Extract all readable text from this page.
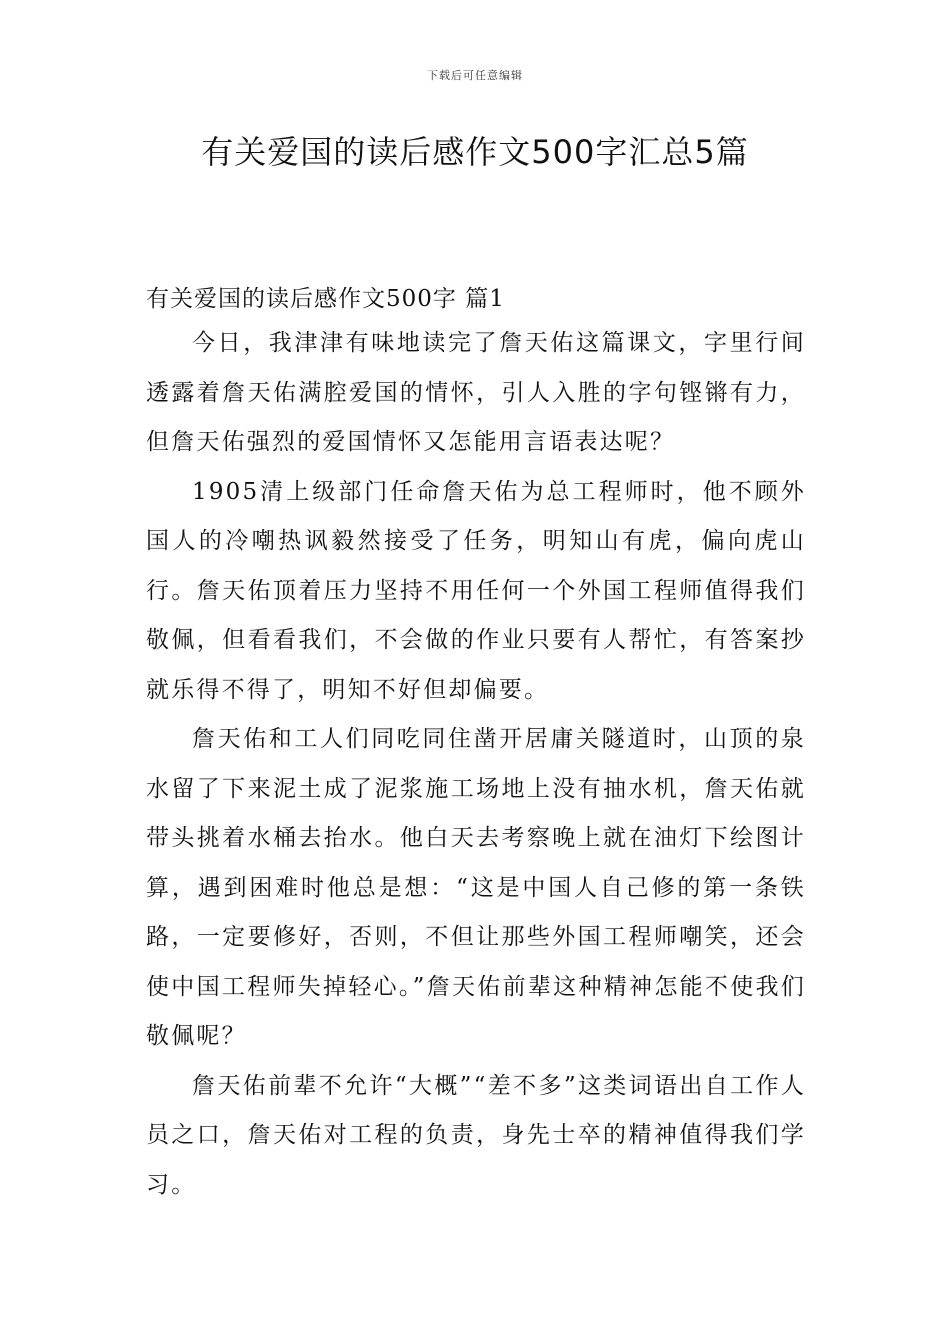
下载后可任意编辑
有关爱国的读后感作文500字汇总5篇

有关爱国的读后感作文500字 篇1

今日，我津津有味地读完了詹天佑这篇课文，字里行间透露着詹天佑满腔爱国的情怀，引人入胜的字句铿锵有力，但詹天佑强烈的爱国情怀又怎能用言语表达呢？

1905清上级部门任命詹天佑为总工程师时，他不顾外国人的冷嘲热讽毅然接受了任务，明知山有虎，偏向虎山行。詹天佑顶着压力坚持不用任何一个外国工程师值得我们敬佩，但看看我们，不会做的作业只要有人帮忙，有答案抄就乐得不得了，明知不好但却偏要。

詹天佑和工人们同吃同住凿开居庸关隧道时，山顶的泉水留了下来泥土成了泥浆施工场地上没有抽水机，詹天佑就带头挑着水桶去抬水。他白天去考察晚上就在油灯下绘图计算，遇到困难时他总是想：“这是中国人自己修的第一条铁路，一定要修好，否则，不但让那些外国工程师嘲笑，还会使中国工程师失掉轻心。”詹天佑前辈这种精神怎能不使我们敬佩呢？

詹天佑前辈不允许“大概”“差不多”这类词语出自工作人员之口，詹天佑对工程的负责，身先士卒的精神值得我们学习。
